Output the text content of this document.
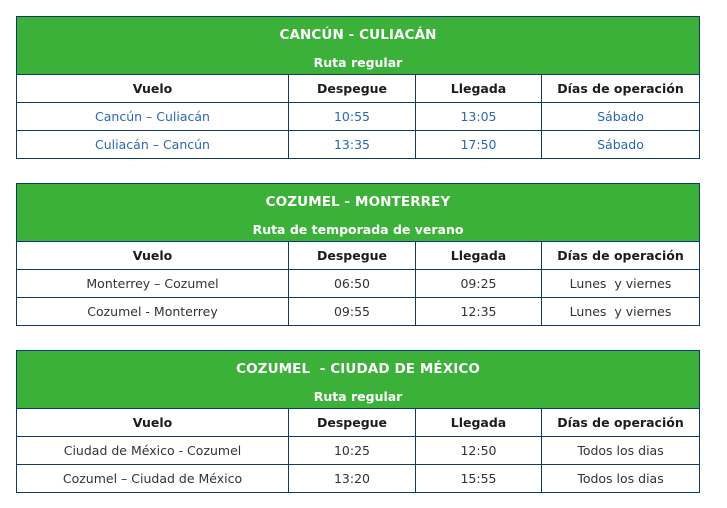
CANCÚN - CULIACÁN			
Ruta regular			
Vuelo	Despegue	Llegada	Días de operación
Cancún – Culiacán	10:55	13:05	Sábado
Culiacán – Cancún	13:35	17:50	Sábado
COZUMEL - MONTERREY			
Ruta de temporada de verano			
Vuelo	Despegue	Llegada	Días de operación
Monterrey – Cozumel	06:50	09:25	Lunes  y viernes
Cozumel - Monterrey	09:55	12:35	Lunes  y viernes
COZUMEL  - CIUDAD DE MÉXICO			
Ruta regular			
Vuelo	Despegue	Llegada	Días de operación
Ciudad de México - Cozumel	10:25	12:50	Todos los dias
Cozumel – Ciudad de México	13:20	15:55	Todos los dias
